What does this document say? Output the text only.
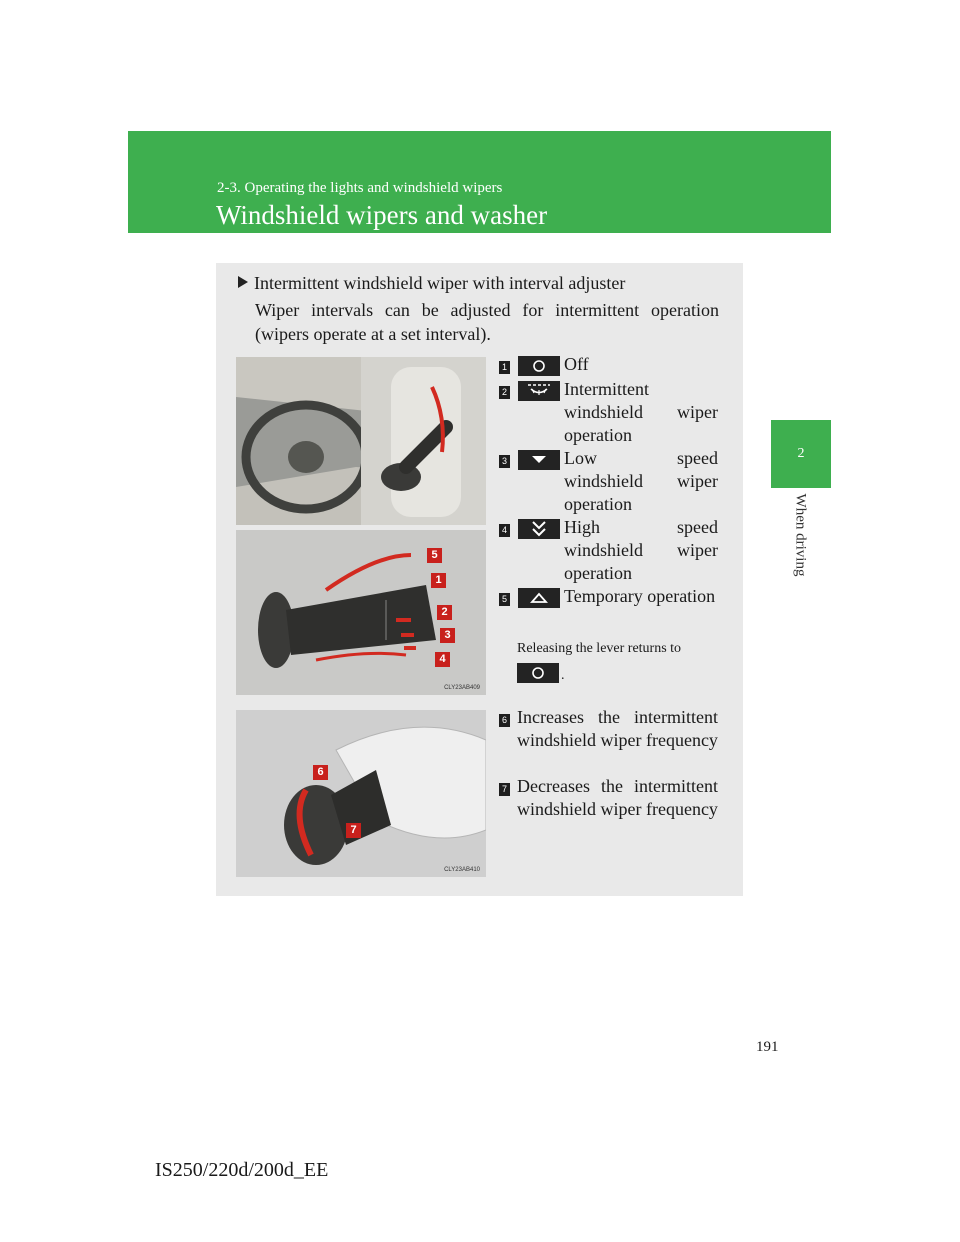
2-3. Operating the lights and windshield wipers
Windshield wipers and washer
2
When driving
Intermittent windshield wiper with interval adjuster
Wiper intervals can be adjusted for intermittent operation (wipers operate at a set interval).
CLY23AB409
5
1
2
3
4
CLY23AB410
6
7
1	Off
2	Intermittent windshield wiper operation
3	Low speed windshield wiper operation
4	High speed windshield wiper operation
5	Temporary operation
Releasing the lever returns to
.
6 Increases the intermittent windshield wiper frequency
7 Decreases the intermittent windshield wiper frequency
191
IS250/220d/200d_EE
